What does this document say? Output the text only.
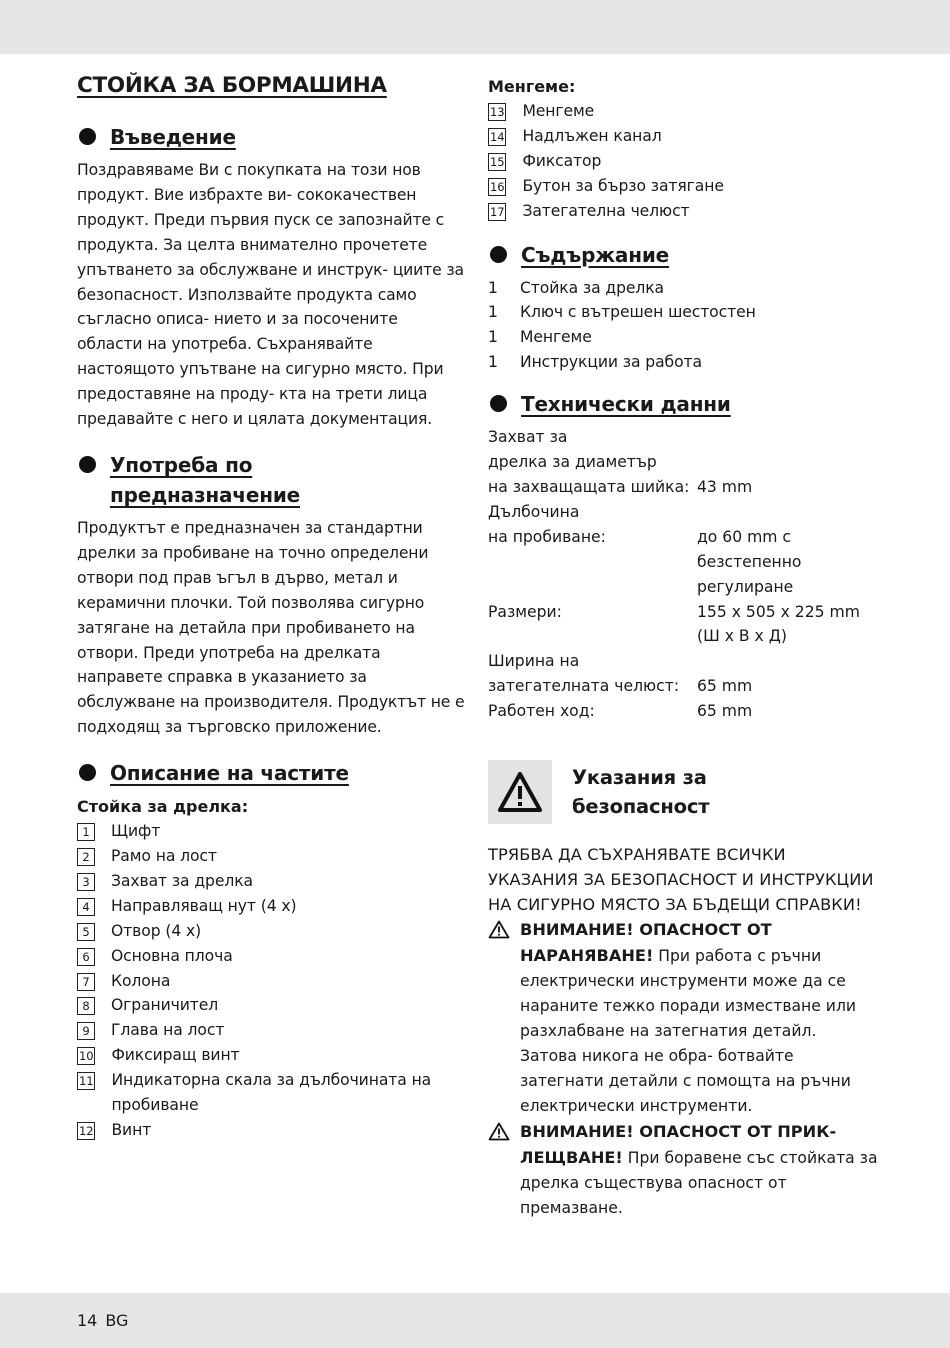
СТОЙКА ЗА БОРМАШИНА
Въведение

Поздравяваме Ви с покупката на този нов продукт. Вие избрахте ви- сококачествен продукт. Преди първия пуск се запознайте с продукта. За целта внимателно прочетете упътването за обслужване и инструк- циите за безопасност. Използвайте продукта само съгласно описа- нието и за посочените области на употреба. Съхранявайте настоящото упътване на сигурно място. При предоставяне на проду- кта на трети лица предавайте с него и цялата документация.

Употреба по
предназначение

Продуктът е предназначен за стандартни дрелки за пробиване на точно определени отвори под прав ъгъл в дърво, метал и керамични плочки. Той позволява сигурно затягане на детайла при пробиването на отвори. Преди употреба на дрелката направете справка в указанието за обслужване на производителя. Продуктът не е подходящ за търговско приложение.

Описание на частите
Стойка за дрелка:
1	Щифт
2	Рамо на лост
3	Захват за дрелка
4	Направляващ нут (4 x)
5	Отвор (4 x)
6	Основна плоча
7	Колона
8	Ограничител
9	Глава на лост
10 Фиксиращ винт
11 Индикаторна скала за дълбочината на пробиване
12 Винт
Менгеме:
13 Менгеме
14 Надлъжен канал
15 Фиксатор
16 Бутон за бързо затягане
17 Затегателна челюст
Съдържание
1	Стойка за дрелка
1	Ключ с вътрешен шестостен
1	Менгеме
1	Инструкции за работа
Технически данни
Захват за
дрелка за диаметър
на захващащата шийка: 43 mm
Дълбочина
на пробиване:	до 60 mm с
безстепенно
регулиране
Размери:	155 x 505 x 225 mm
(Ш x В x Д)
Ширина на
затегателната челюст:	65 mm
Работен ход:	65 mm
Указания за
безопасност

ТРЯБВА ДА СЪХРАНЯВАТЕ ВСИЧКИ УКАЗАНИЯ ЗА БЕЗОПАСНОСТ И ИНСТРУКЦИИ НА СИГУРНО МЯСТО ЗА БЪДЕЩИ СПРАВКИ!

ВНИМАНИЕ! ОПАСНОСТ ОТ НАРАНЯВАНЕ! При работа с ръчни електрически инструменти може да се нараните тежко поради изместване или разхлабване на затегнатия детайл. Затова никога не обра- ботвайте затегнати детайли с помощта на ръчни електрически инструменти.
ВНИМАНИЕ! ОПАСНОСТ ОТ ПРИК- ЛЕЩВАНЕ! При боравене със стойката за дрелка съществува опасност от премазване.
14 BG
